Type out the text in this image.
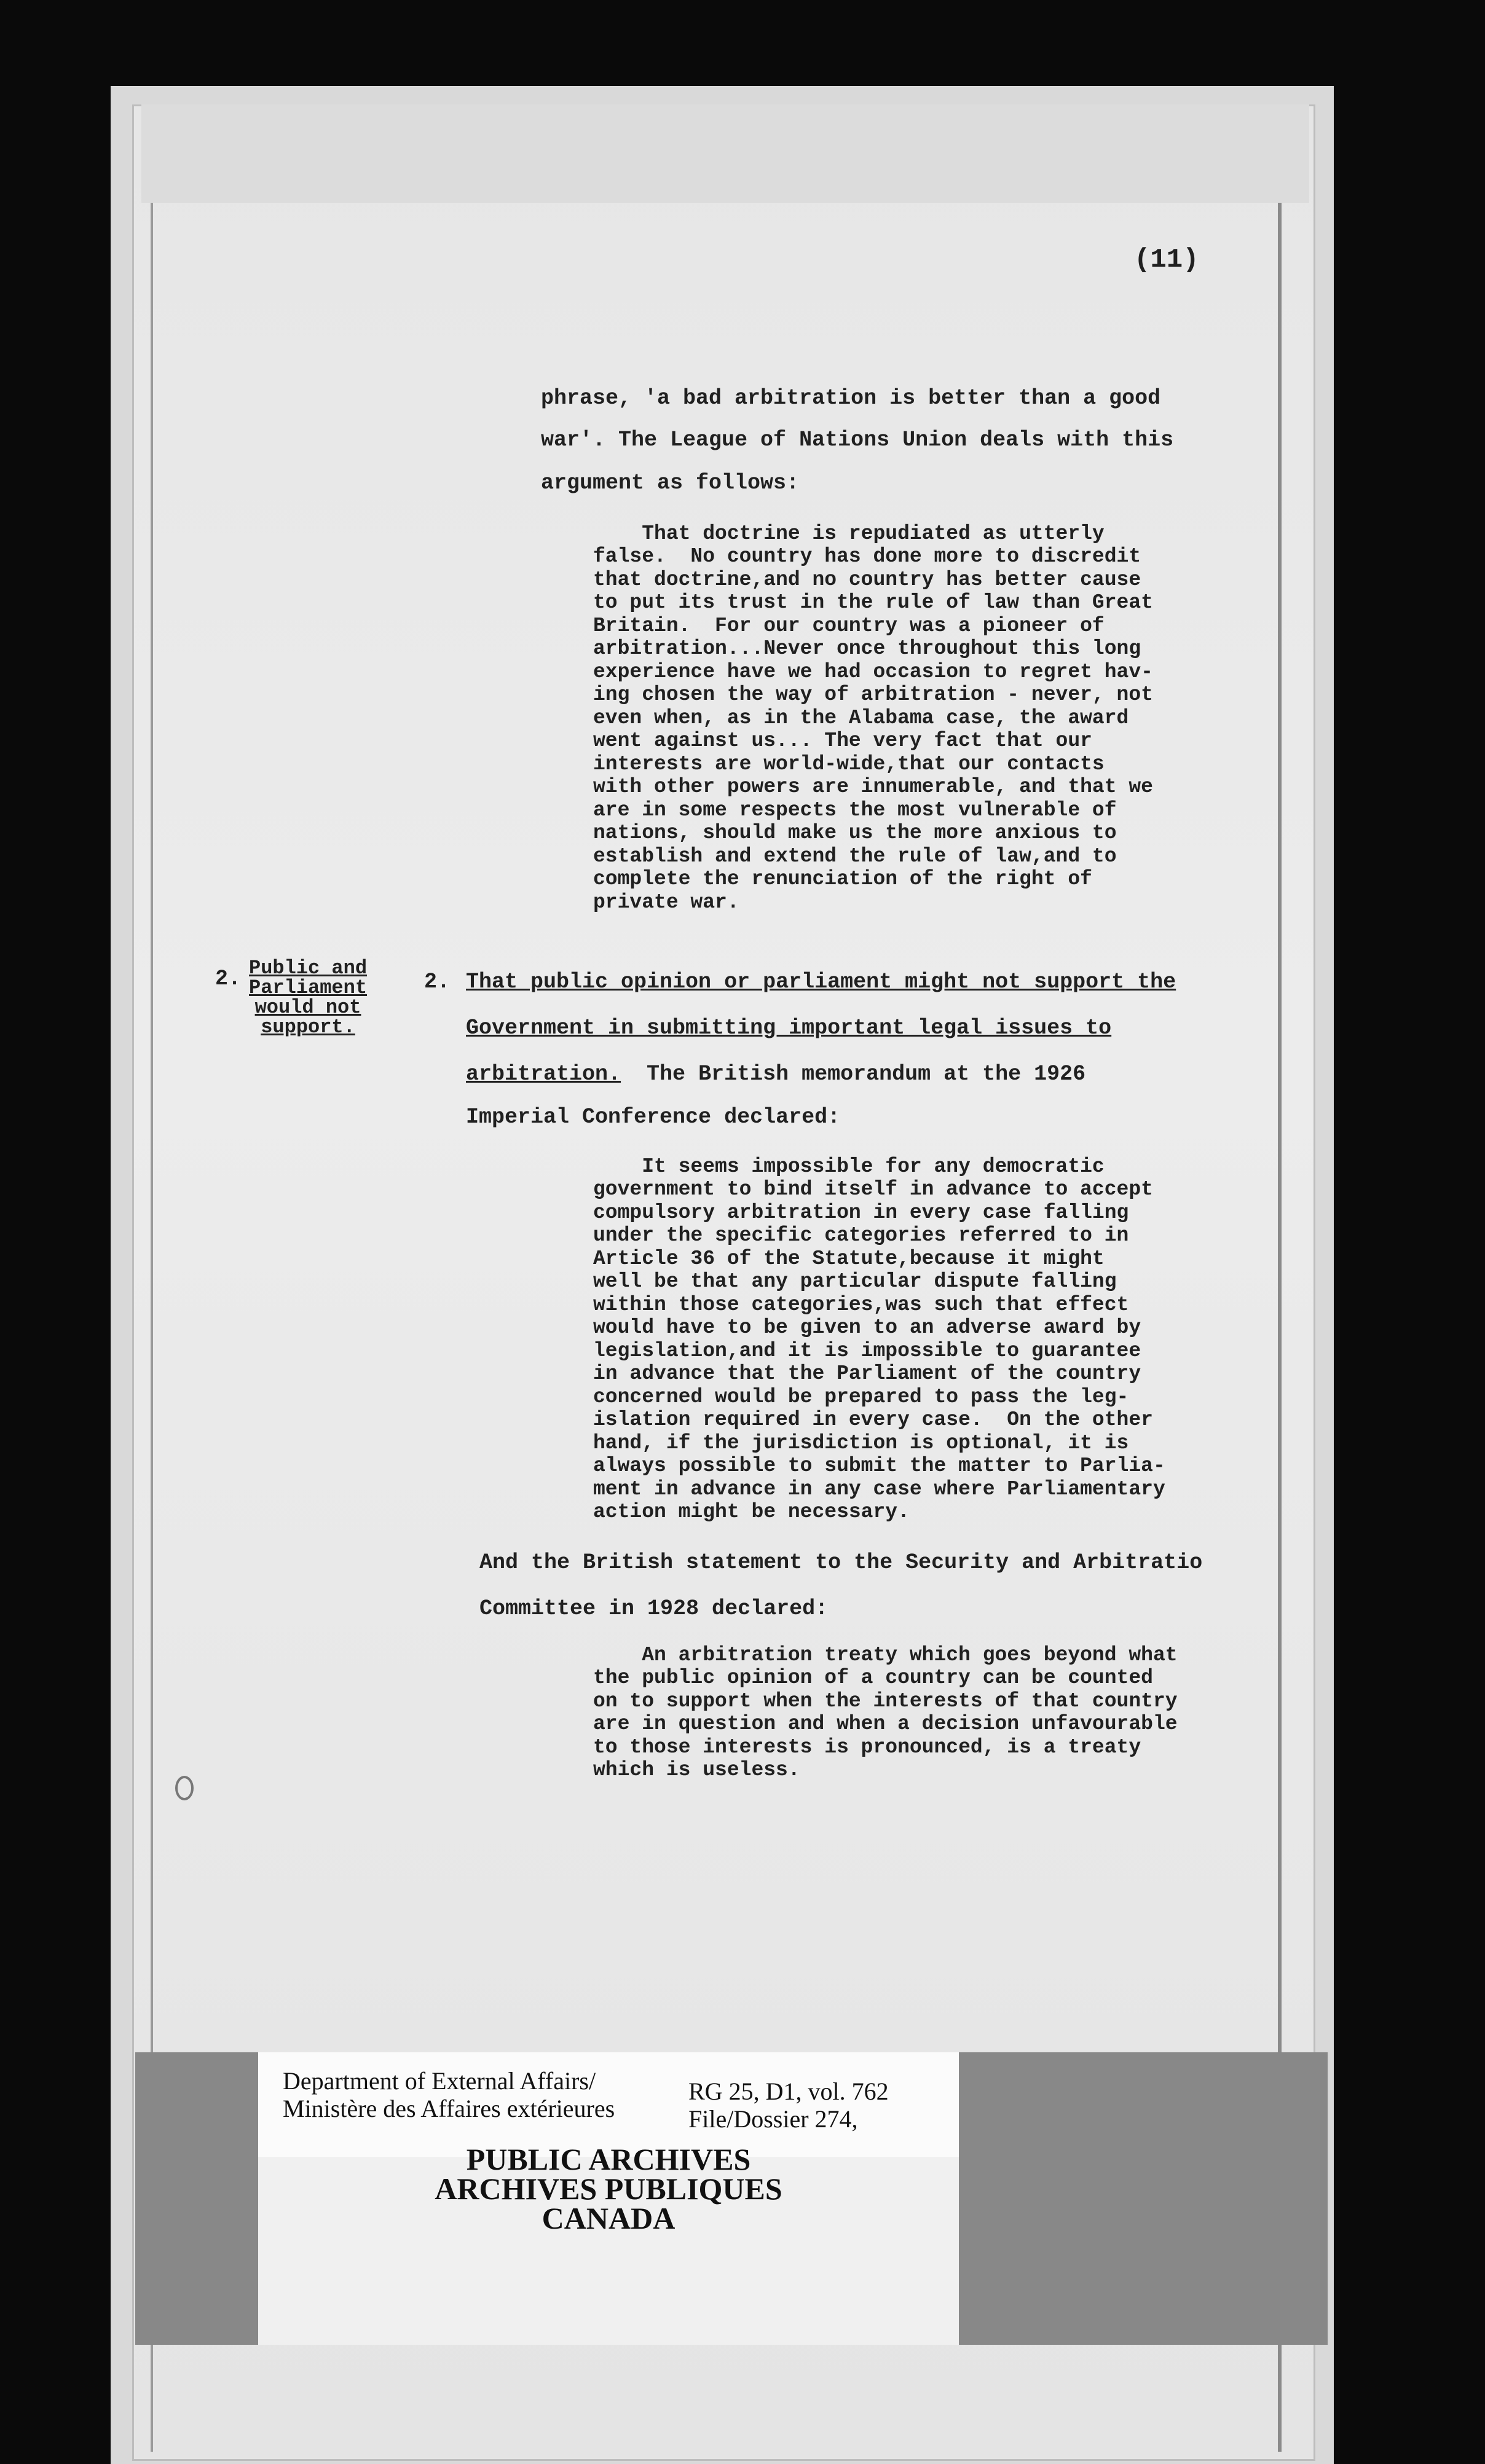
(11)
phrase, 'a bad arbitration is better than a good
war'. The League of Nations Union deals with this
argument as follows:
That doctrine is repudiated as utterly
false.  No country has done more to discredit
that doctrine,and no country has better cause
to put its trust in the rule of law than Great
Britain.  For our country was a pioneer of
arbitration...Never once throughout this long
experience have we had occasion to regret hav-
ing chosen the way of arbitration - never, not
even when, as in the Alabama case, the award
went against us... The very fact that our
interests are world-wide,that our contacts
with other powers are innumerable, and that we
are in some respects the most vulnerable of
nations, should make us the more anxious to
establish and extend the rule of law,and to
complete the renunciation of the right of
private war.
2. Public and
Parliament
would not
support.
2. That public opinion or parliament might not support the
Government in submitting important legal issues to
arbitration.  The British memorandum at the 1926
Imperial Conference declared:
It seems impossible for any democratic
government to bind itself in advance to accept
compulsory arbitration in every case falling
under the specific categories referred to in
Article 36 of the Statute,because it might
well be that any particular dispute falling
within those categories,was such that effect
would have to be given to an adverse award by
legislation,and it is impossible to guarantee
in advance that the Parliament of the country
concerned would be prepared to pass the leg-
islation required in every case.  On the other
hand, if the jurisdiction is optional, it is
always possible to submit the matter to Parlia-
ment in advance in any case where Parliamentary
action might be necessary.
And the British statement to the Security and Arbitratio
Committee in 1928 declared:
An arbitration treaty which goes beyond what
the public opinion of a country can be counted
on to support when the interests of that country
are in question and when a decision unfavourable
to those interests is pronounced, is a treaty
which is useless.
Department of External Affairs/
Ministère des Affaires extérieures
RG 25, D1, vol. 762
File/Dossier 274,
PUBLIC ARCHIVES
ARCHIVES PUBLIQUES
CANADA
